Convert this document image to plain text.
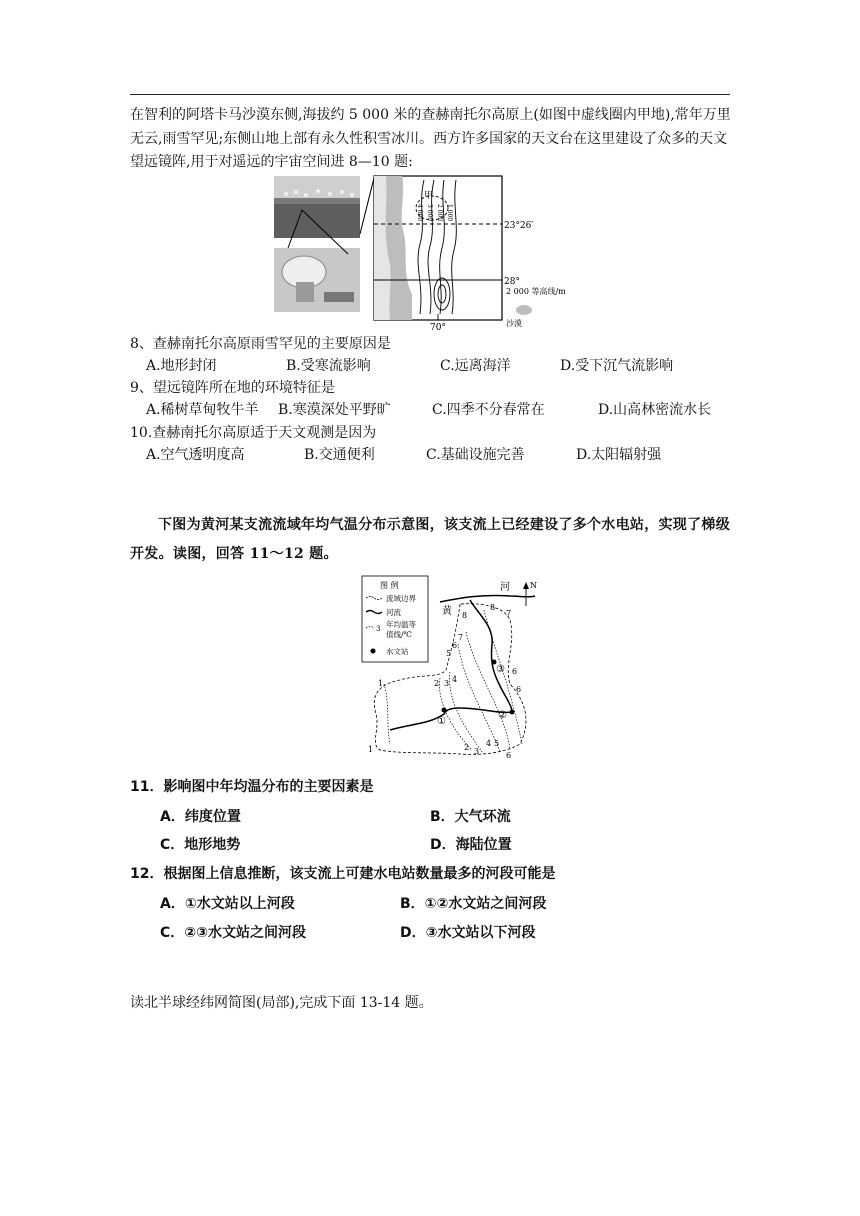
在智利的阿塔卡马沙漠东侧,海拔约 5 000 米的查赫南托尔高原上(如图中虚线圈内甲地),常年万里无云,雨雪罕见;东侧山地上部有永久性积雪冰川。西方许多国家的天文台在这里建设了众多的天文望远镜阵,用于对遥远的宇宙空间进 8—10 题:
甲
23°26′
28°
70°
2 000 等高线/m
沙漠
4 000 3 000 2 000 1 000
8、查赫南托尔高原雨雪罕见的主要原因是
A.地形封闭	B.受寒流影响	C.远离海洋	D.受下沉气流影响
9、望远镜阵所在地的环境特征是
A.稀树草甸牧牛羊 B.寒漠深处平野旷	C.四季不分春常在	D.山高林密流水长
10.查赫南托尔高原适于天文观测是因为
A.空气透明度高	B.交通便利	C.基础设施完善	D.太阳辐射强
下图为黄河某支流流域年均气温分布示意图，该支流上已经建设了多个水电站，实现了梯级开发。读图，回答 11～12 题。
图 例
流域边界
河流
3 年均温等
值线/℃
水文站
N
黄
河
1
1
2 3 4
2 3
4 5
6
5
6
7
8
8
7
6
6
①
②
③
11．影响图中年均温分布的主要因素是
A．纬度位置	B．大气环流
C．地形地势	D．海陆位置
12．根据图上信息推断，该支流上可建水电站数量最多的河段可能是
A．①水文站以上河段	B．①②水文站之间河段
C．②③水文站之间河段	D．③水文站以下河段
读北半球经纬网简图(局部),完成下面 13-14 题。
